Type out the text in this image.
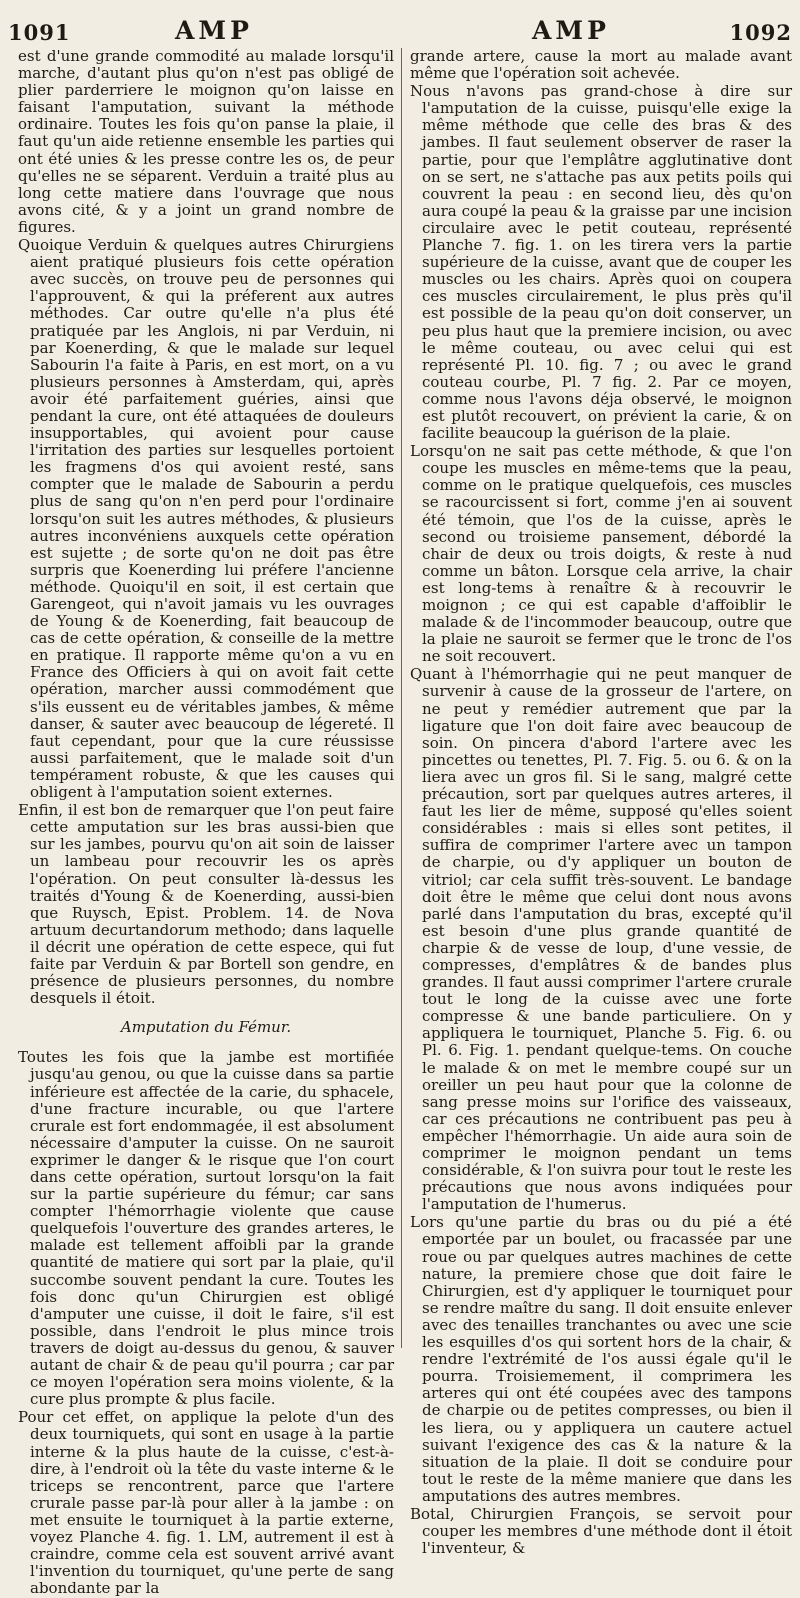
1091	AMP	AMP	1092

est d'une grande commodité au malade lorsqu'il marche, d'autant plus qu'on n'est pas obligé de plier parderriere le moignon qu'on laisse en faisant l'amputation, suivant la méthode ordinaire. Toutes les fois qu'on panse la plaie, il faut qu'un aide retienne ensemble les parties qui ont été unies & les presse contre les os, de peur qu'elles ne se séparent. Verduin a traité plus au long cette matiere dans l'ouvrage que nous avons cité, & y a joint un grand nombre de figures.

Quoique Verduin & quelques autres Chirurgiens aient pratiqué plusieurs fois cette opération avec succès, on trouve peu de personnes qui l'approuvent, & qui la préferent aux autres méthodes. Car outre qu'elle n'a plus été pratiquée par les Anglois, ni par Verduin, ni par Koenerding, & que le malade sur lequel Sabourin l'a faite à Paris, en est mort, on a vu plusieurs personnes à Amsterdam, qui, après avoir été parfaitement guéries, ainsi que pendant la cure, ont été attaquées de douleurs insupportables, qui avoient pour cause l'irritation des parties sur lesquelles portoient les fragmens d'os qui avoient resté, sans compter que le malade de Sabourin a perdu plus de sang qu'on n'en perd pour l'ordinaire lorsqu'on suit les autres méthodes, & plusieurs autres inconvéniens auxquels cette opération est sujette ; de sorte qu'on ne doit pas être surpris que Koenerding lui préfere l'ancienne méthode. Quoiqu'il en soit, il est certain que Garengeot, qui n'avoit jamais vu les ouvrages de Young & de Koenerding, fait beaucoup de cas de cette opération, & conseille de la mettre en pratique. Il rapporte même qu'on a vu en France des Officiers à qui on avoit fait cette opération, marcher aussi commodément que s'ils eussent eu de véritables jambes, & même danser, & sauter avec beaucoup de légereté. Il faut cependant, pour que la cure réussisse aussi parfaitement, que le malade soit d'un tempérament robuste, & que les causes qui obligent à l'amputation soient externes.

Enfin, il est bon de remarquer que l'on peut faire cette amputation sur les bras aussi-bien que sur les jambes, pourvu qu'on ait soin de laisser un lambeau pour recouvrir les os après l'opération. On peut consulter là-dessus les traités d'Young & de Koenerding, aussi-bien que Ruysch, Epist. Problem. 14. de Nova artuum decurtandorum methodo; dans laquelle il décrit une opération de cette espece, qui fut faite par Verduin & par Bortell son gendre, en présence de plusieurs personnes, du nombre desquels il étoit.

Amputation du Fémur.

Toutes les fois que la jambe est mortifiée jusqu'au genou, ou que la cuisse dans sa partie inférieure est affectée de la carie, du sphacele, d'une fracture incurable, ou que l'artere crurale est fort endommagée, il est absolument nécessaire d'amputer la cuisse. On ne sauroit exprimer le danger & le risque que l'on court dans cette opération, surtout lorsqu'on la fait sur la partie supérieure du fémur; car sans compter l'hémorrhagie violente que cause quelquefois l'ouverture des grandes arteres, le malade est tellement affoibli par la grande quantité de matiere qui sort par la plaie, qu'il succombe souvent pendant la cure. Toutes les fois donc qu'un Chirurgien est obligé d'amputer une cuisse, il doit le faire, s'il est possible, dans l'endroit le plus mince trois travers de doigt au-dessus du genou, & sauver autant de chair & de peau qu'il pourra ; car par ce moyen l'opération sera moins violente, & la cure plus prompte & plus facile.

Pour cet effet, on applique la pelote d'un des deux tourniquets, qui sont en usage à la partie interne & la plus haute de la cuisse, c'est-à-dire, à l'endroit où la tête du vaste interne & le triceps se rencontrent, parce que l'artere crurale passe par-là pour aller à la jambe : on met ensuite le tourniquet à la partie externe, voyez Planche 4. fig. 1. LM, autrement il est à craindre, comme cela est souvent arrivé avant l'invention du tourniquet, qu'une perte de sang abondante par la

grande artere, cause la mort au malade avant même que l'opération soit achevée.

Nous n'avons pas grand-chose à dire sur l'amputation de la cuisse, puisqu'elle exige la même méthode que celle des bras & des jambes. Il faut seulement observer de raser la partie, pour que l'emplâtre agglutinative dont on se sert, ne s'attache pas aux petits poils qui couvrent la peau : en second lieu, dès qu'on aura coupé la peau & la graisse par une incision circulaire avec le petit couteau, représenté Planche 7. fig. 1. on les tirera vers la partie supérieure de la cuisse, avant que de couper les muscles ou les chairs. Après quoi on coupera ces muscles circulairement, le plus près qu'il est possible de la peau qu'on doit conserver, un peu plus haut que la premiere incision, ou avec le même couteau, ou avec celui qui est représenté Pl. 10. fig. 7 ; ou avec le grand couteau courbe, Pl. 7 fig. 2. Par ce moyen, comme nous l'avons déja observé, le moignon est plutôt recouvert, on prévient la carie, & on facilite beaucoup la guérison de la plaie.

Lorsqu'on ne sait pas cette méthode, & que l'on coupe les muscles en même-tems que la peau, comme on le pratique quelquefois, ces muscles se racourcissent si fort, comme j'en ai souvent été témoin, que l'os de la cuisse, après le second ou troisieme pansement, débordé la chair de deux ou trois doigts, & reste à nud comme un bâton. Lorsque cela arrive, la chair est long-tems à renaître & à recouvrir le moignon ; ce qui est capable d'affoiblir le malade & de l'incommoder beaucoup, outre que la plaie ne sauroit se fermer que le tronc de l'os ne soit recouvert.

Quant à l'hémorrhagie qui ne peut manquer de survenir à cause de la grosseur de l'artere, on ne peut y remédier autrement que par la ligature que l'on doit faire avec beaucoup de soin. On pincera d'abord l'artere avec les pincettes ou tenettes, Pl. 7. Fig. 5. ou 6. & on la liera avec un gros fil. Si le sang, malgré cette précaution, sort par quelques autres arteres, il faut les lier de même, supposé qu'elles soient considérables : mais si elles sont petites, il suffira de comprimer l'artere avec un tampon de charpie, ou d'y appliquer un bouton de vitriol; car cela suffit très-souvent. Le bandage doit être le même que celui dont nous avons parlé dans l'amputation du bras, excepté qu'il est besoin d'une plus grande quantité de charpie & de vesse de loup, d'une vessie, de compresses, d'emplâtres & de bandes plus grandes. Il faut aussi comprimer l'artere crurale tout le long de la cuisse avec une forte compresse & une bande particuliere. On y appliquera le tourniquet, Planche 5. Fig. 6. ou Pl. 6. Fig. 1. pendant quelque-tems. On couche le malade & on met le membre coupé sur un oreiller un peu haut pour que la colonne de sang presse moins sur l'orifice des vaisseaux, car ces précautions ne contribuent pas peu à empêcher l'hémorrhagie. Un aide aura soin de comprimer le moignon pendant un tems considérable, & l'on suivra pour tout le reste les précautions que nous avons indiquées pour l'amputation de l'humerus.

Lors qu'une partie du bras ou du pié a été emportée par un boulet, ou fracassée par une roue ou par quelques autres machines de cette nature, la premiere chose que doit faire le Chirurgien, est d'y appliquer le tourniquet pour se rendre maître du sang. Il doit ensuite enlever avec des tenailles tranchantes ou avec une scie les esquilles d'os qui sortent hors de la chair, & rendre l'extrémité de l'os aussi égale qu'il le pourra. Troisiemement, il comprimera les arteres qui ont été coupées avec des tampons de charpie ou de petites compresses, ou bien il les liera, ou y appliquera un cautere actuel suivant l'exigence des cas & la nature & la situation de la plaie. Il doit se conduire pour tout le reste de la même maniere que dans les amputations des autres membres.

Botal, Chirurgien François, se servoit pour couper les membres d'une méthode dont il étoit l'inventeur, &
